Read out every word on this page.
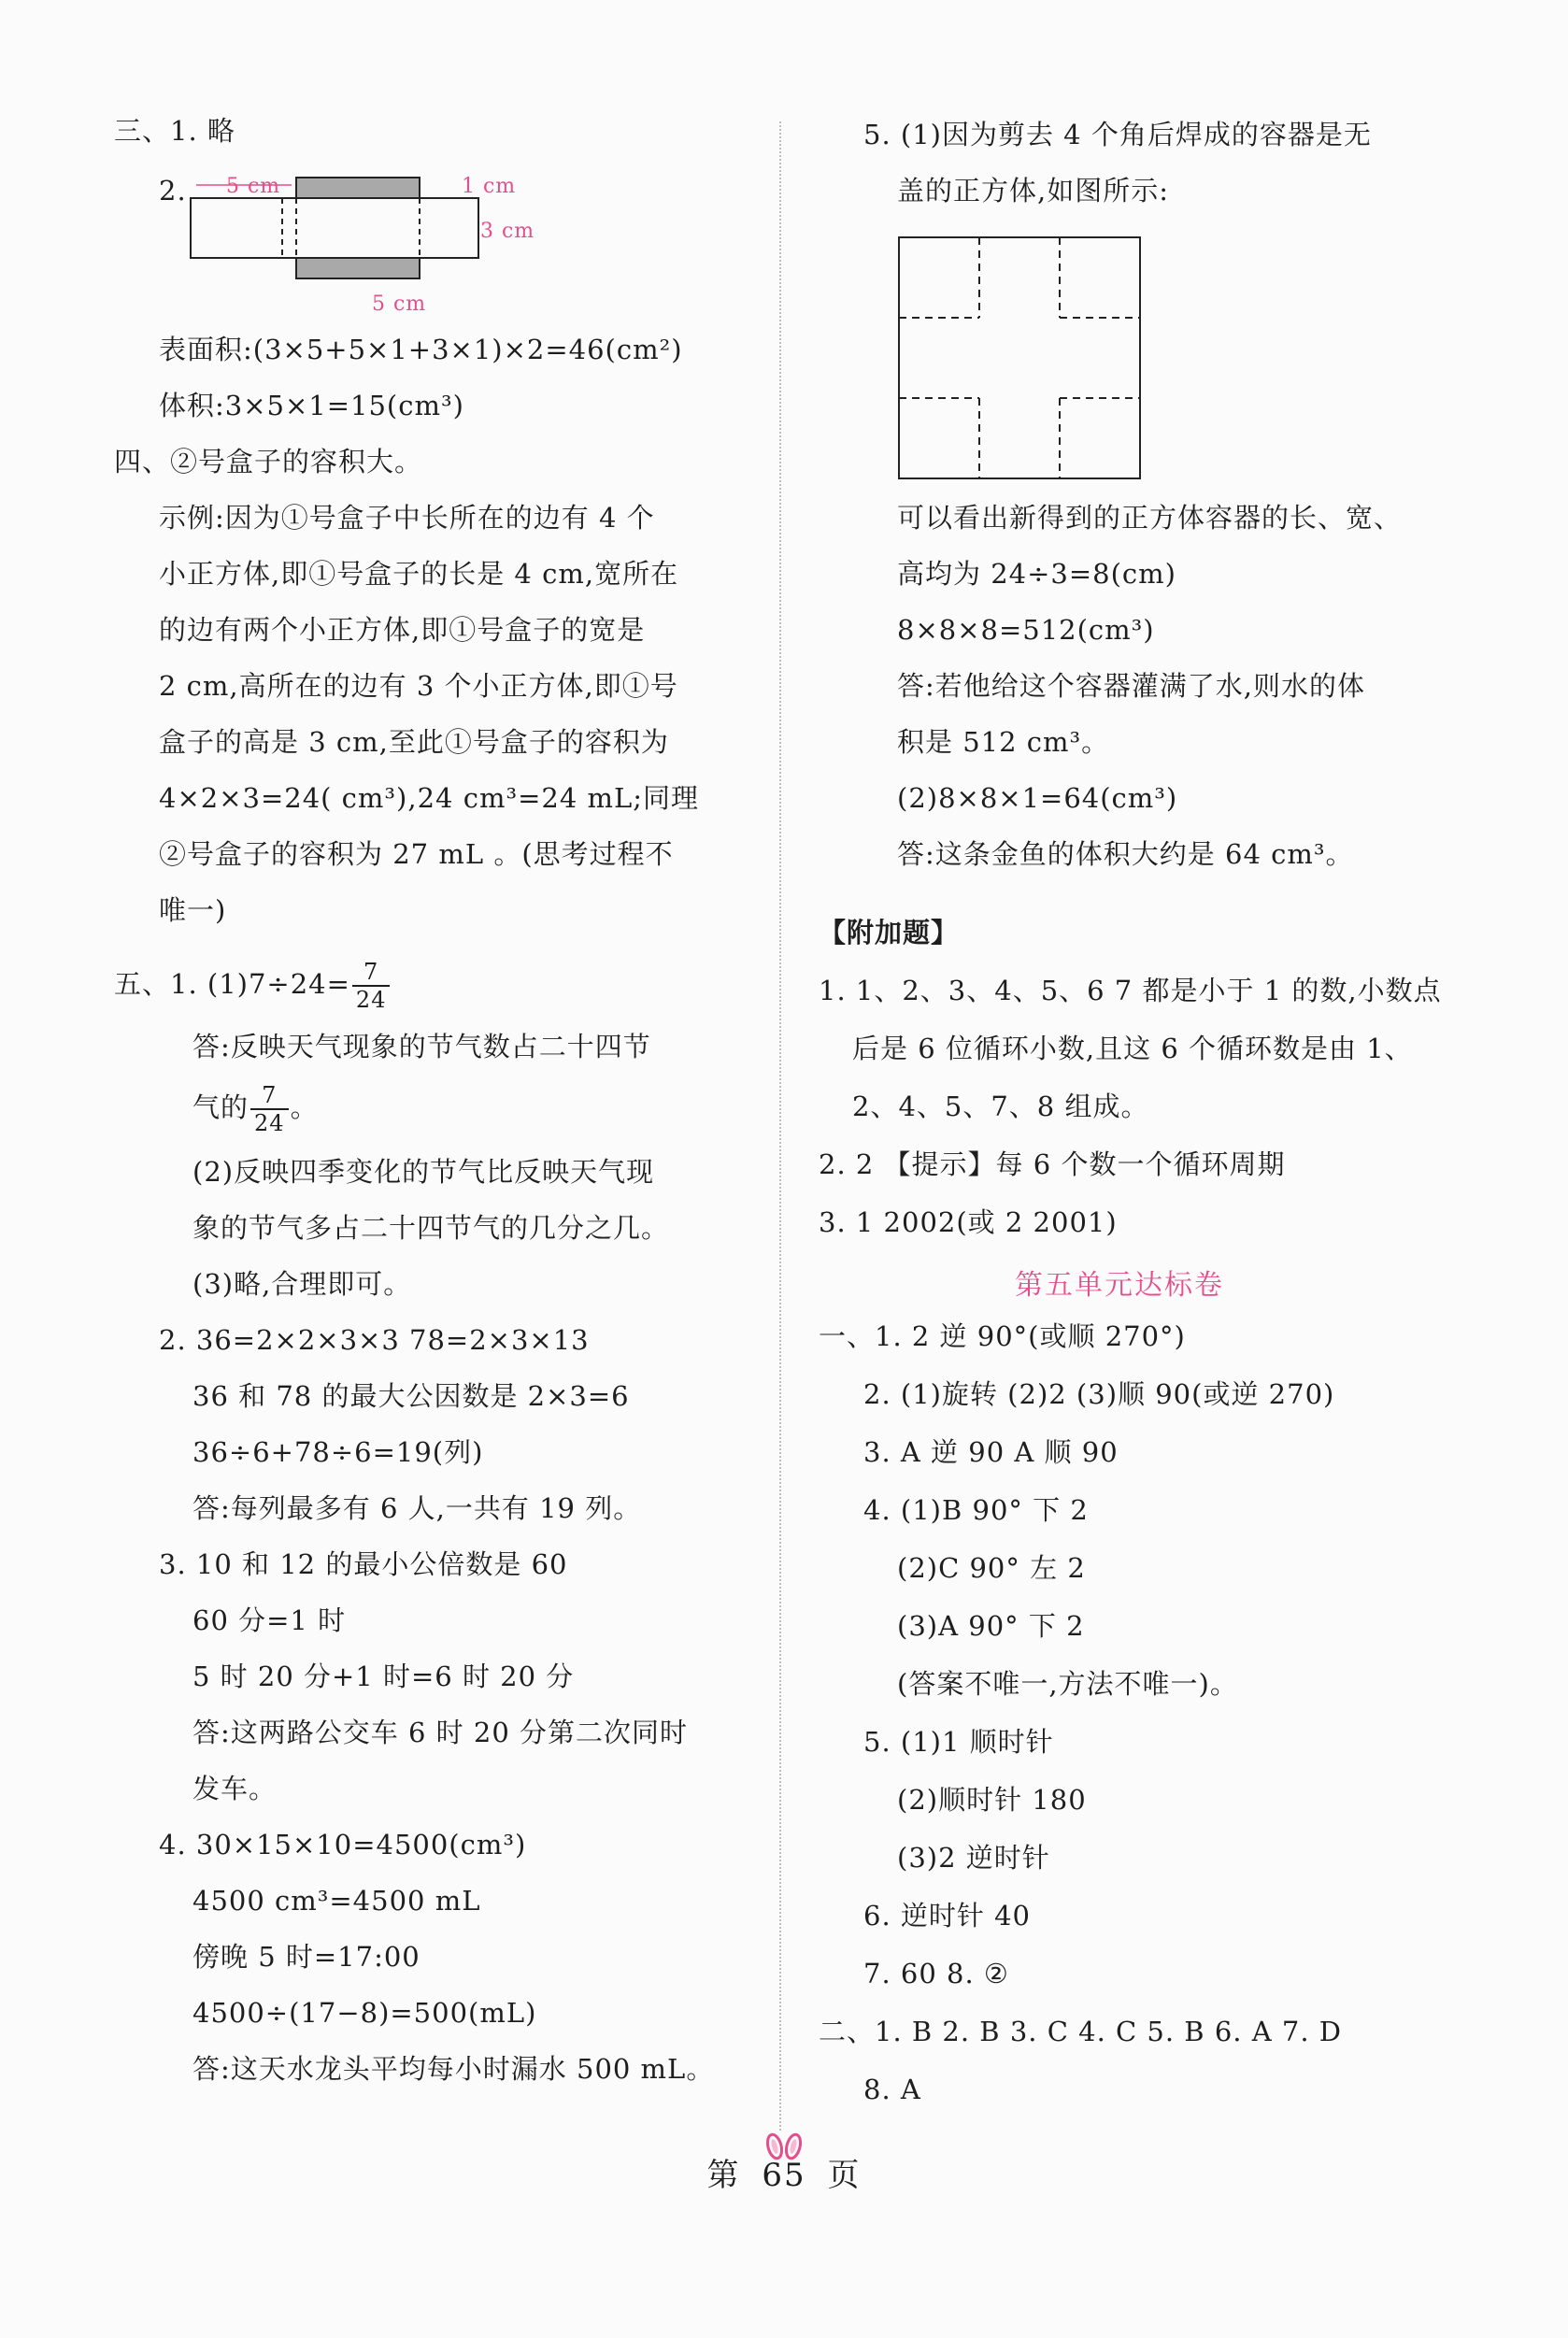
三、1. 略
2. 5 cm	1 cm
3 cm
5 cm
表面积:(3×5+5×1+3×1)×2=46(cm²)
体积:3×5×1=15(cm³)
四、②号盒子的容积大。
示例:因为①号盒子中长所在的边有 4 个
小正方体,即①号盒子的长是 4 cm,宽所在
的边有两个小正方体,即①号盒子的宽是
2 cm,高所在的边有 3 个小正方体,即①号
盒子的高是 3 cm,至此①号盒子的容积为
4×2×3=24( cm³),24 cm³=24 mL;同理
②号盒子的容积为 27 mL 。(思考过程不
唯一)
五、1. $(1)7\div 24= \frac{7}{24}$
答:反映天气现象的节气数占二十四节
气的 $\frac{7}{24}$ 。
(2)反映四季变化的节气比反映天气现
象的节气多占二十四节气的几分之几。
(3)略,合理即可。
2. 36=2×2×3×3 78=2×3×13
36 和 78 的最大公因数是 2×3=6
36÷6+78÷6=19(列)
答:每列最多有 6 人,一共有 19 列。
3. 10 和 12 的最小公倍数是 60
60 分=1 时
5 时 20 分+1 时=6 时 20 分
答:这两路公交车 6 时 20 分第二次同时
发车。
4. 30×15×10=4500(cm³)
4500 cm³=4500 mL
傍晚 5 时=17:00
4500÷(17−8)=500(mL)
答:这天水龙头平均每小时漏水 500 mL。
5. (1)因为剪去 4 个角后焊成的容器是无
盖的正方体,如图所示:
可以看出新得到的正方体容器的长、宽、
高均为 24÷3=8(cm)
8×8×8=512(cm³)
答:若他给这个容器灌满了水,则水的体
积是 512 cm³。
(2)8×8×1=64(cm³)
答:这条金鱼的体积大约是 64 cm³。
【附加题】
1. 1、2、3、4、5、6 7 都是小于 1 的数,小数点
后是 6 位循环小数,且这 6 个循环数是由 1、
2、4、5、7、8 组成。
2. 2 【提示】每 6 个数一个循环周期
3. 1 2002(或 2 2001)
第五单元达标卷
一、1. 2 逆 90°(或顺 270°)
2. (1)旋转 (2)2 (3)顺 90(或逆 270)
3. A 逆 90 A 顺 90
4. (1)B 90° 下 2
(2)C 90° 左 2
(3)A 90° 下 2
(答案不唯一,方法不唯一)。
5. (1)1 顺时针
(2)顺时针 180
(3)2 逆时针
6. 逆时针 40
7. 60 8. ②
二、1. B 2. B 3. C 4. C 5. B 6. A 7. D
8. A
第 65 页
